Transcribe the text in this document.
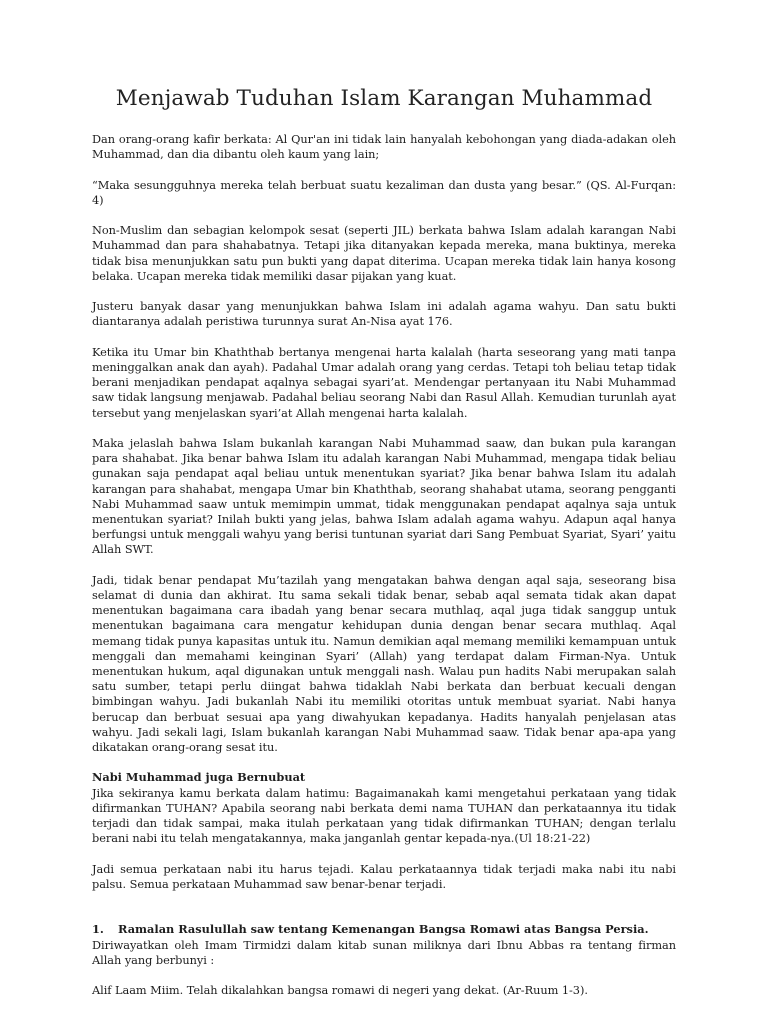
Menjawab Tuduhan Islam Karangan Muhammad

Dan orang-orang kafir berkata: Al Qur'an ini tidak lain hanyalah kebohongan yang diada-adakan oleh Muhammad, dan dia dibantu oleh kaum yang lain;

“Maka sesungguhnya mereka telah berbuat suatu kezaliman dan dusta yang besar.” (QS. Al-Furqan: 4)

Non-Muslim dan sebagian kelompok sesat (seperti JIL) berkata bahwa Islam adalah karangan Nabi Muhammad dan para shahabatnya. Tetapi jika ditanyakan kepada mereka, mana buktinya, mereka tidak bisa menunjukkan satu pun bukti yang dapat diterima. Ucapan mereka tidak lain hanya kosong belaka. Ucapan mereka tidak memiliki dasar pijakan yang kuat.

Justeru banyak dasar yang menunjukkan bahwa Islam ini adalah agama wahyu. Dan satu bukti diantaranya adalah peristiwa turunnya surat An-Nisa ayat 176.

Ketika itu Umar bin Khaththab bertanya mengenai harta kalalah (harta seseorang yang mati tanpa meninggalkan anak dan ayah). Padahal Umar adalah orang yang cerdas. Tetapi toh beliau tetap tidak berani menjadikan pendapat aqalnya sebagai syari’at. Mendengar pertanyaan itu Nabi Muhammad saw tidak langsung menjawab. Padahal beliau seorang Nabi dan Rasul Allah. Kemudian turunlah ayat tersebut yang menjelaskan syari’at Allah mengenai harta kalalah.

Maka jelaslah bahwa Islam bukanlah karangan Nabi Muhammad saaw, dan bukan pula karangan para shahabat. Jika benar bahwa Islam itu adalah karangan Nabi Muhammad, mengapa tidak beliau gunakan saja pendapat aqal beliau untuk menentukan syariat? Jika benar bahwa Islam itu adalah karangan para shahabat, mengapa Umar bin Khaththab, seorang shahabat utama, seorang pengganti Nabi Muhammad saaw untuk memimpin ummat, tidak menggunakan pendapat aqalnya saja untuk menentukan syariat? Inilah bukti yang jelas, bahwa Islam adalah agama wahyu. Adapun aqal hanya berfungsi untuk menggali wahyu yang berisi tuntunan syariat dari Sang Pembuat Syariat, Syari’ yaitu Allah SWT.

Jadi, tidak benar pendapat Mu’tazilah yang mengatakan bahwa dengan aqal saja, seseorang bisa selamat di dunia dan akhirat. Itu sama sekali tidak benar, sebab aqal semata tidak akan dapat menentukan bagaimana cara ibadah yang benar secara muthlaq, aqal juga tidak sanggup untuk menentukan bagaimana cara mengatur kehidupan dunia dengan benar secara muthlaq. Aqal memang tidak punya kapasitas untuk itu. Namun demikian aqal memang memiliki kemampuan untuk menggali dan memahami keinginan Syari’ (Allah) yang terdapat dalam Firman-Nya. Untuk menentukan hukum, aqal digunakan untuk menggali nash. Walau pun hadits Nabi merupakan salah satu sumber, tetapi perlu diingat bahwa tidaklah Nabi berkata dan berbuat kecuali dengan bimbingan wahyu. Jadi bukanlah Nabi itu memiliki otoritas untuk membuat syariat. Nabi hanya berucap dan berbuat sesuai apa yang diwahyukan kepadanya. Hadits hanyalah penjelasan atas wahyu. Jadi sekali lagi, Islam bukanlah karangan Nabi Muhammad saaw. Tidak benar apa-apa yang dikatakan orang-orang sesat itu.

Nabi Muhammad juga Bernubuat

Jika sekiranya kamu berkata dalam hatimu: Bagaimanakah kami mengetahui perkataan yang tidak difirmankan TUHAN? Apabila seorang nabi berkata demi nama TUHAN dan perkataannya itu tidak terjadi dan tidak sampai, maka itulah perkataan yang tidak difirmankan TUHAN; dengan terlalu berani nabi itu telah mengatakannya, maka janganlah gentar kepada-nya.(Ul 18:21-22)

Jadi semua perkataan nabi itu harus tejadi. Kalau perkataannya tidak terjadi maka nabi itu nabi palsu. Semua perkataan Muhammad saw benar-benar terjadi.

1.	Ramalan Rasulullah saw tentang Kemenangan Bangsa Romawi atas Bangsa Persia.

Diriwayatkan oleh Imam Tirmidzi dalam kitab sunan miliknya dari Ibnu Abbas ra tentang firman Allah yang berbunyi :

Alif Laam Miim. Telah dikalahkan bangsa romawi di negeri yang dekat. (Ar-Ruum 1-3).
